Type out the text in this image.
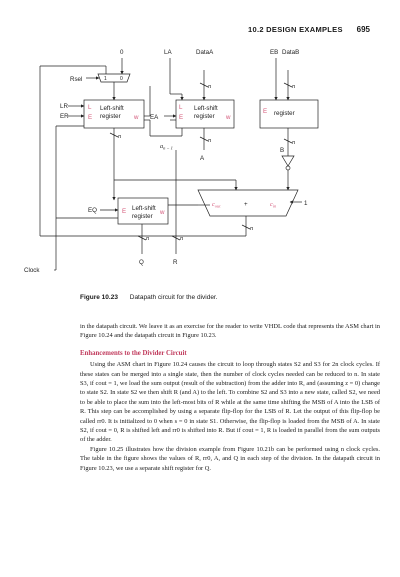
10.2 DESIGN EXAMPLES 695
0
Rsel	1	0
LA	DataA	EB DataB
LR
ER	EA
L
E
Left-shift
register w
L
E
Left-shift
register w
E register
n	n
n
n	n
$a_{n - 1}$
A
B
EQ	E Left-shift
register
w
$c_{out}$	+	$c_{in}$	1
n
n	n
Clock
Q	R
Figure 10.23 Datapath circuit for the divider.

in the datapath circuit. We leave it as an exercise for the reader to write VHDL code that represents the ASM chart in Figure 10.24 and the datapath circuit in Figure 10.23.

Enhancements to the Divider Circuit

Using the ASM chart in Figure 10.24 causes the circuit to loop through states S2 and S3 for 2n clock cycles. If these states can be merged into a single state, then the number of clock cycles needed can be reduced to n. In state S3, if cout = 1, we load the sum output (result of the subtraction) from the adder into R, and (assuming z = 0) change to state S2. In state S2 we then shift R (and A) to the left. To combine S2 and S3 into a new state, called S2, we need to be able to place the sum into the left-most bits of R while at the same time shifting the MSB of A into the LSB of R. This step can be accomplished by using a separate flip-flop for the LSB of R. Let the output of this flip-flop be called rr0. It is initialized to 0 when s = 0 in state S1. Otherwise, the flip-flop is loaded from the MSB of A. In state S2, if cout = 0, R is shifted left and rr0 is shifted into R. But if cout = 1, R is loaded in parallel from the sum outputs of the adder.

Figure 10.25 illustrates how the division example from Figure 10.21b can be performed using n clock cycles. The table in the figure shows the values of R, rr0, A, and Q in each step of the division. In the datapath circuit in Figure 10.23, we use a separate shift register for Q.
